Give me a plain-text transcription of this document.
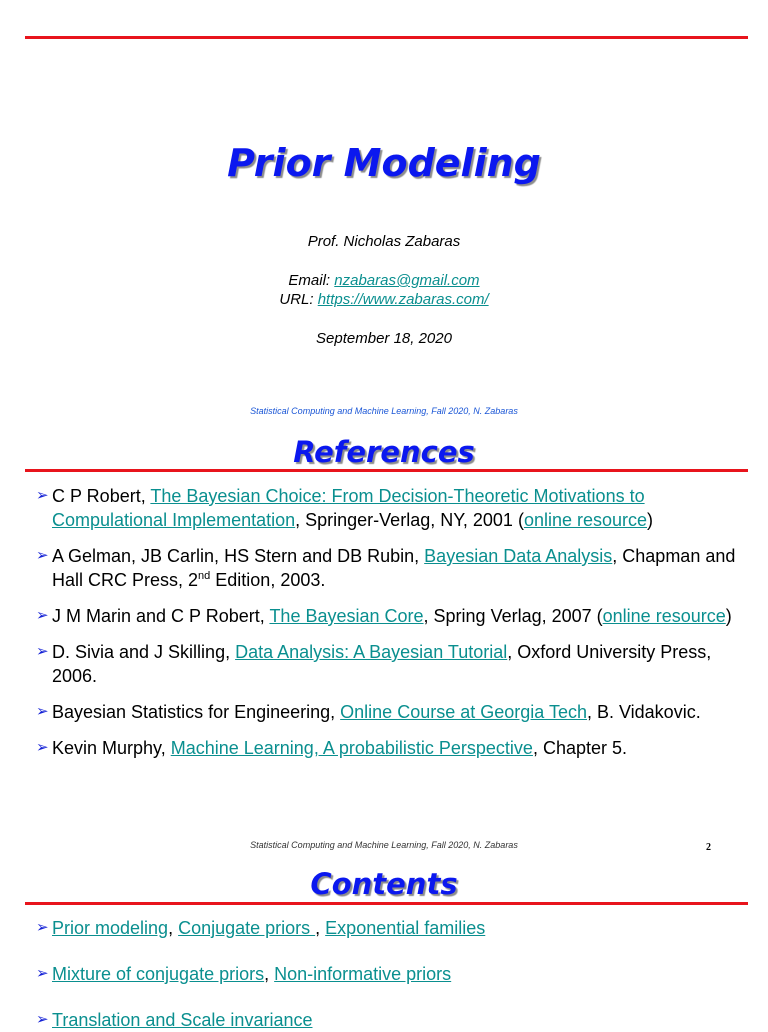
Prior Modeling
Prof. Nicholas Zabaras
Email: nzabaras@gmail.com
URL: https://www.zabaras.com/
September 18, 2020
Statistical Computing and Machine Learning, Fall 2020, N. Zabaras
References
➢ C P Robert, The Bayesian Choice: From Decision-Theoretic Motivations to Compulational Implementation, Springer-Verlag, NY, 2001 (online resource)
➢ A Gelman, JB Carlin, HS Stern and DB Rubin, Bayesian Data Analysis, Chapman and Hall CRC Press, 2nd Edition, 2003.
➢ J M Marin and C P Robert, The Bayesian Core, Spring Verlag, 2007 (online resource)
➢ D. Sivia and J Skilling, Data Analysis: A Bayesian Tutorial, Oxford University Press, 2006.
➢ Bayesian Statistics for Engineering, Online Course at Georgia Tech, B. Vidakovic.
➢ Kevin Murphy, Machine Learning, A probabilistic Perspective, Chapter 5.
Statistical Computing and Machine Learning, Fall 2020, N. Zabaras	2
Contents
➢ Prior modeling, Conjugate priors , Exponential families
➢ Mixture of conjugate priors, Non-informative priors
➢ Translation and Scale invariance
